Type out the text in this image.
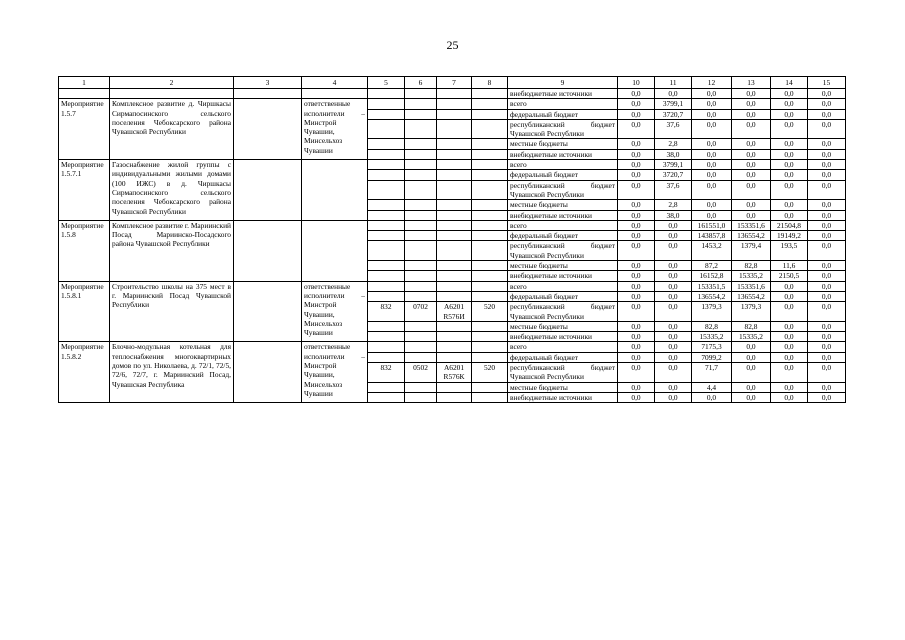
25
1	2	3	4	5	6	7	8	9	10	11	12	13	14	15
								внебюджетные источники	0,0	0,0	0,0	0,0	0,0	0,0
Мероприятие 1.5.7	Комплексное развитие д. Чиршкасы Сирмапосинского сельского поселения Чебоксарского района Чувашской Республики		ответственные исполнители – Минстрой Чувашии, Минсельхоз Чувашии					всего	0,0	3799,1	0,0	0,0	0,0	0,0
								федеральный бюджет	0,0	3720,7	0,0	0,0	0,0	0,0
								республиканский бюджет Чувашской Республики	0,0	37,6	0,0	0,0	0,0	0,0
								местные бюджеты	0,0	2,8	0,0	0,0	0,0	0,0
								внебюджетные источники	0,0	38,0	0,0	0,0	0,0	0,0
Мероприятие 1.5.7.1	Газоснабжение жилой группы с индивидуальными жилыми домами (100 ИЖС) в д. Чиршкасы Сирмапосинского сельского поселения Чебоксарского района Чувашской Республики							всего	0,0	3799,1	0,0	0,0	0,0	0,0
								федеральный бюджет	0,0	3720,7	0,0	0,0	0,0	0,0
								республиканский бюджет Чувашской Республики	0,0	37,6	0,0	0,0	0,0	0,0
								местные бюджеты	0,0	2,8	0,0	0,0	0,0	0,0
								внебюджетные источники	0,0	38,0	0,0	0,0	0,0	0,0
Мероприятие 1.5.8	Комплексное развитие г. Мариинский Посад Мариинско-Посадского района Чувашской Республики							всего	0,0	0,0	161551,0	153351,6	21504,8	0,0
								федеральный бюджет	0,0	0,0	143857,8	136554,2	19149,2	0,0
								республиканский бюджет Чувашской Республики	0,0	0,0	1453,2	1379,4	193,5	0,0
								местные бюджеты	0,0	0,0	87,2	82,8	11,6	0,0
								внебюджетные источники	0,0	0,0	16152,8	15335,2	2150,5	0,0
Мероприятие 1.5.8.1	Строительство школы на 375 мест в г. Мариинский Посад Чувашской Республики		ответственные исполнители – Минстрой Чувашии, Минсельхоз Чувашии					всего	0,0	0,0	153351,5	153351,6	0,0	0,0
								федеральный бюджет	0,0	0,0	136554,2	136554,2	0,0	0,0
				832	0702	A6201 R576И	520	республиканский бюджет Чувашской Республики	0,0	0,0	1379,3	1379,3	0,0	0,0
								местные бюджеты	0,0	0,0	82,8	82,8	0,0	0,0
								внебюджетные источники	0,0	0,0	15335,2	15335,2	0,0	0,0
Мероприятие 1.5.8.2	Блочно-модульная котельная для теплоснабжения многоквартирных домов по ул. Николаева, д. 72/1, 72/5, 72/6, 72/7, г. Мариинский Посад, Чувашская Республика		ответственные исполнители – Минстрой Чувашии, Минсельхоз Чувашии					всего	0,0	0,0	7175,3	0,0	0,0	0,0
								федеральный бюджет	0,0	0,0	7099,2	0,0	0,0	0,0
				832	0502	A6201 R576К	520	республиканский бюджет Чувашской Республики	0,0	0,0	71,7	0,0	0,0	0,0
								местные бюджеты	0,0	0,0	4,4	0,0	0,0	0,0
								внебюджетные источники	0,0	0,0	0,0	0,0	0,0	0,0
